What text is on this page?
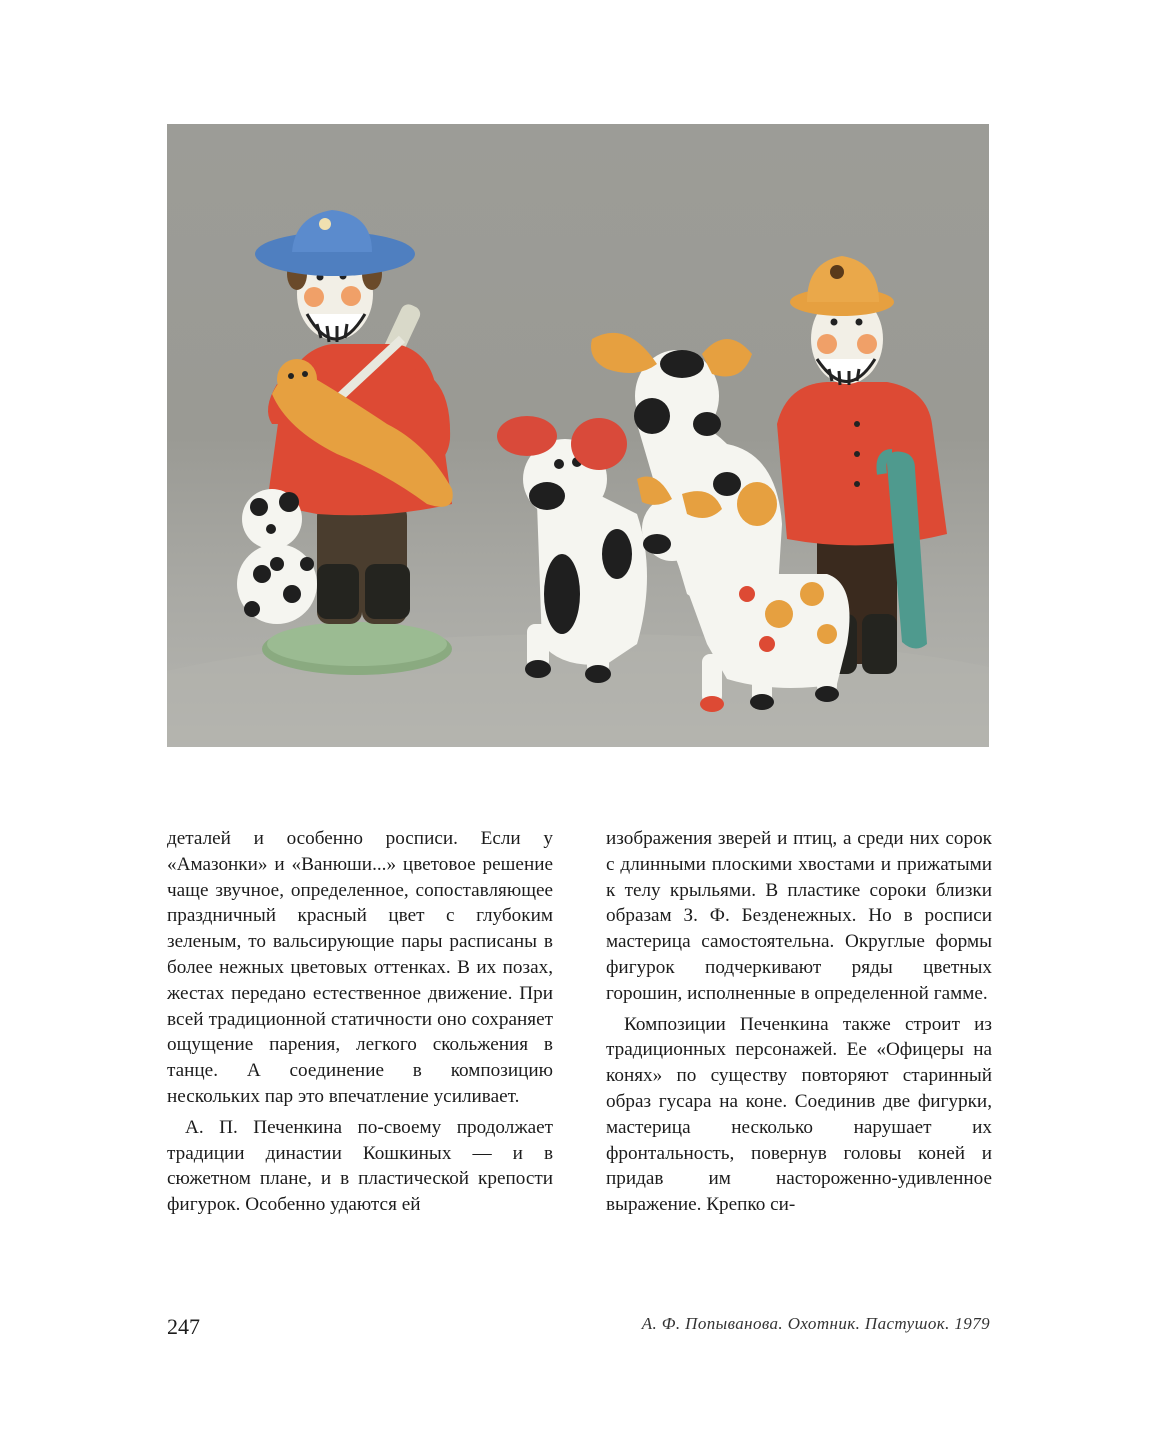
деталей и особенно росписи. Если у «Амазонки» и «Ванюши...» цветовое решение чаще звучное, определенное, сопоставляющее праздничный красный цвет с глубоким зеленым, то вальсирующие пары расписаны в более нежных цветовых оттенках. В их позах, жестах передано естественное движение. При всей традиционной статичности оно сохраняет ощущение парения, легкого скольжения в танце. А соединение в композицию нескольких пар это впечатление усиливает.

А. П. Печенкина по-своему продолжает традиции династии Кошкиных — и в сюжетном плане, и в пластической крепости фигурок. Особенно удаются ей

изображения зверей и птиц, а среди них сорок с длинными плоскими хвостами и прижатыми к телу крыльями. В пластике сороки близки образам З. Ф. Безденежных. Но в росписи мастерица самостоятельна. Округлые формы фигурок подчеркивают ряды цветных горошин, исполненные в определенной гамме.

Композиции Печенкина также строит из традиционных персонажей. Ее «Офицеры на конях» по существу повторяют старинный образ гусара на коне. Соединив две фигурки, мастерица несколько нарушает их фронтальность, повернув головы коней и придав им настороженно-удивленное выражение. Крепко си-

247	А. Ф. Попыванова. Охотник. Пастушок. 1979
